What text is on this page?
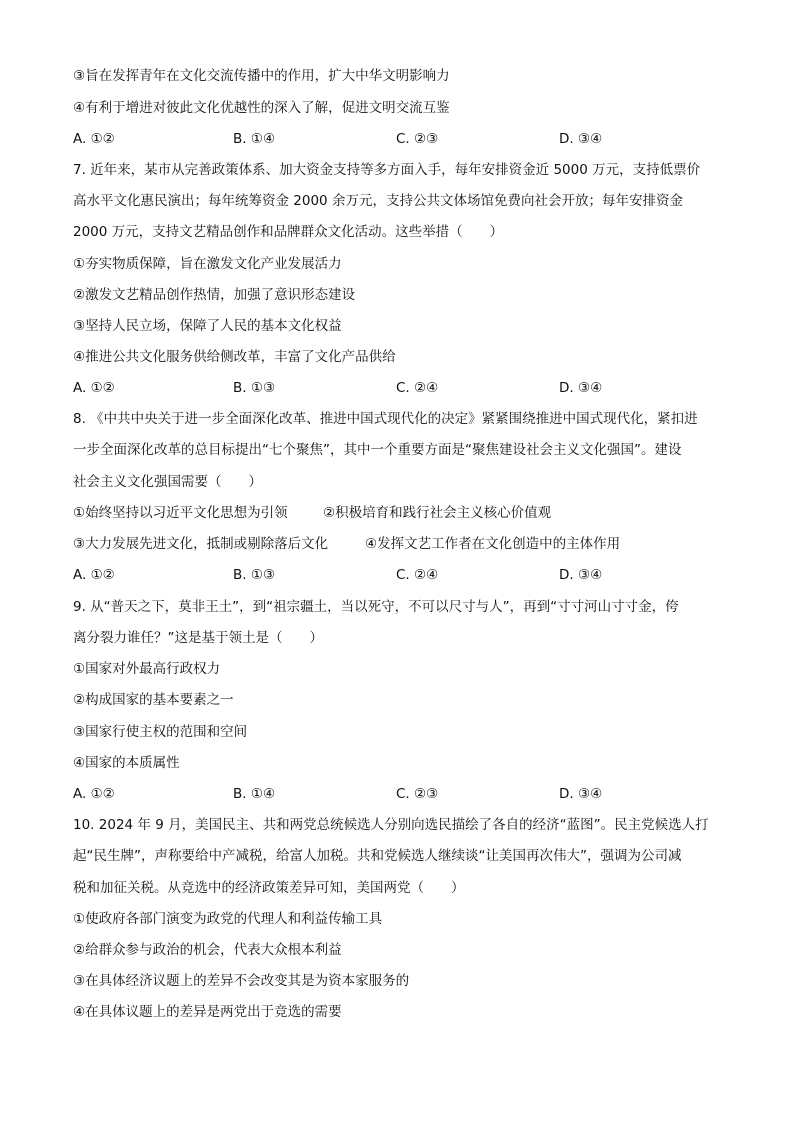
③旨在发挥青年在文化交流传播中的作用，扩大中华文明影响力
④有利于增进对彼此文化优越性的深入了解，促进文明交流互鉴
A. ①②	B. ①④	C. ②③	D. ③④
7. 近年来，某市从完善政策体系、加大资金支持等多方面入手，每年安排资金近 5000 万元，支持低票价
高水平文化惠民演出；每年统筹资金 2000 余万元，支持公共文体场馆免费向社会开放；每年安排资金
2000 万元，支持文艺精品创作和品牌群众文化活动。这些举措（　　）
①夯实物质保障，旨在激发文化产业发展活力
②激发文艺精品创作热情，加强了意识形态建设
③坚持人民立场，保障了人民的基本文化权益
④推进公共文化服务供给侧改革，丰富了文化产品供给
A. ①②	B. ①③	C. ②④	D. ③④
8. 《中共中央关于进一步全面深化改革、推进中国式现代化的决定》紧紧围绕推进中国式现代化，紧扣进
一步全面深化改革的总目标提出“七个聚焦”，其中一个重要方面是“聚焦建设社会主义文化强国”。建设
社会主义文化强国需要（　　）
①始终坚持以习近平文化思想为引领	②积极培育和践行社会主义核心价值观
③大力发展先进文化，抵制或剔除落后文化	④发挥文艺工作者在文化创造中的主体作用
A. ①②	B. ①③	C. ②④	D. ③④
9. 从“普天之下，莫非王土”，到“祖宗疆土，当以死守，不可以尺寸与人”，再到“寸寸河山寸寸金，侉
离分裂力谁任？”这是基于领土是（　　）
①国家对外最高行政权力
②构成国家的基本要素之一
③国家行使主权的范围和空间
④国家的本质属性
A. ①②	B. ①④	C. ②③	D. ③④
10. 2024 年 9 月，美国民主、共和两党总统候选人分别向选民描绘了各自的经济“蓝图”。民主党候选人打
起“民生牌”，声称要给中产减税，给富人加税。共和党候选人继续谈“让美国再次伟大”，强调为公司减
税和加征关税。从竞选中的经济政策差异可知，美国两党（　　）
①使政府各部门演变为政党的代理人和利益传输工具
②给群众参与政治的机会，代表大众根本利益
③在具体经济议题上的差异不会改变其是为资本家服务的
④在具体议题上的差异是两党出于竞选的需要
